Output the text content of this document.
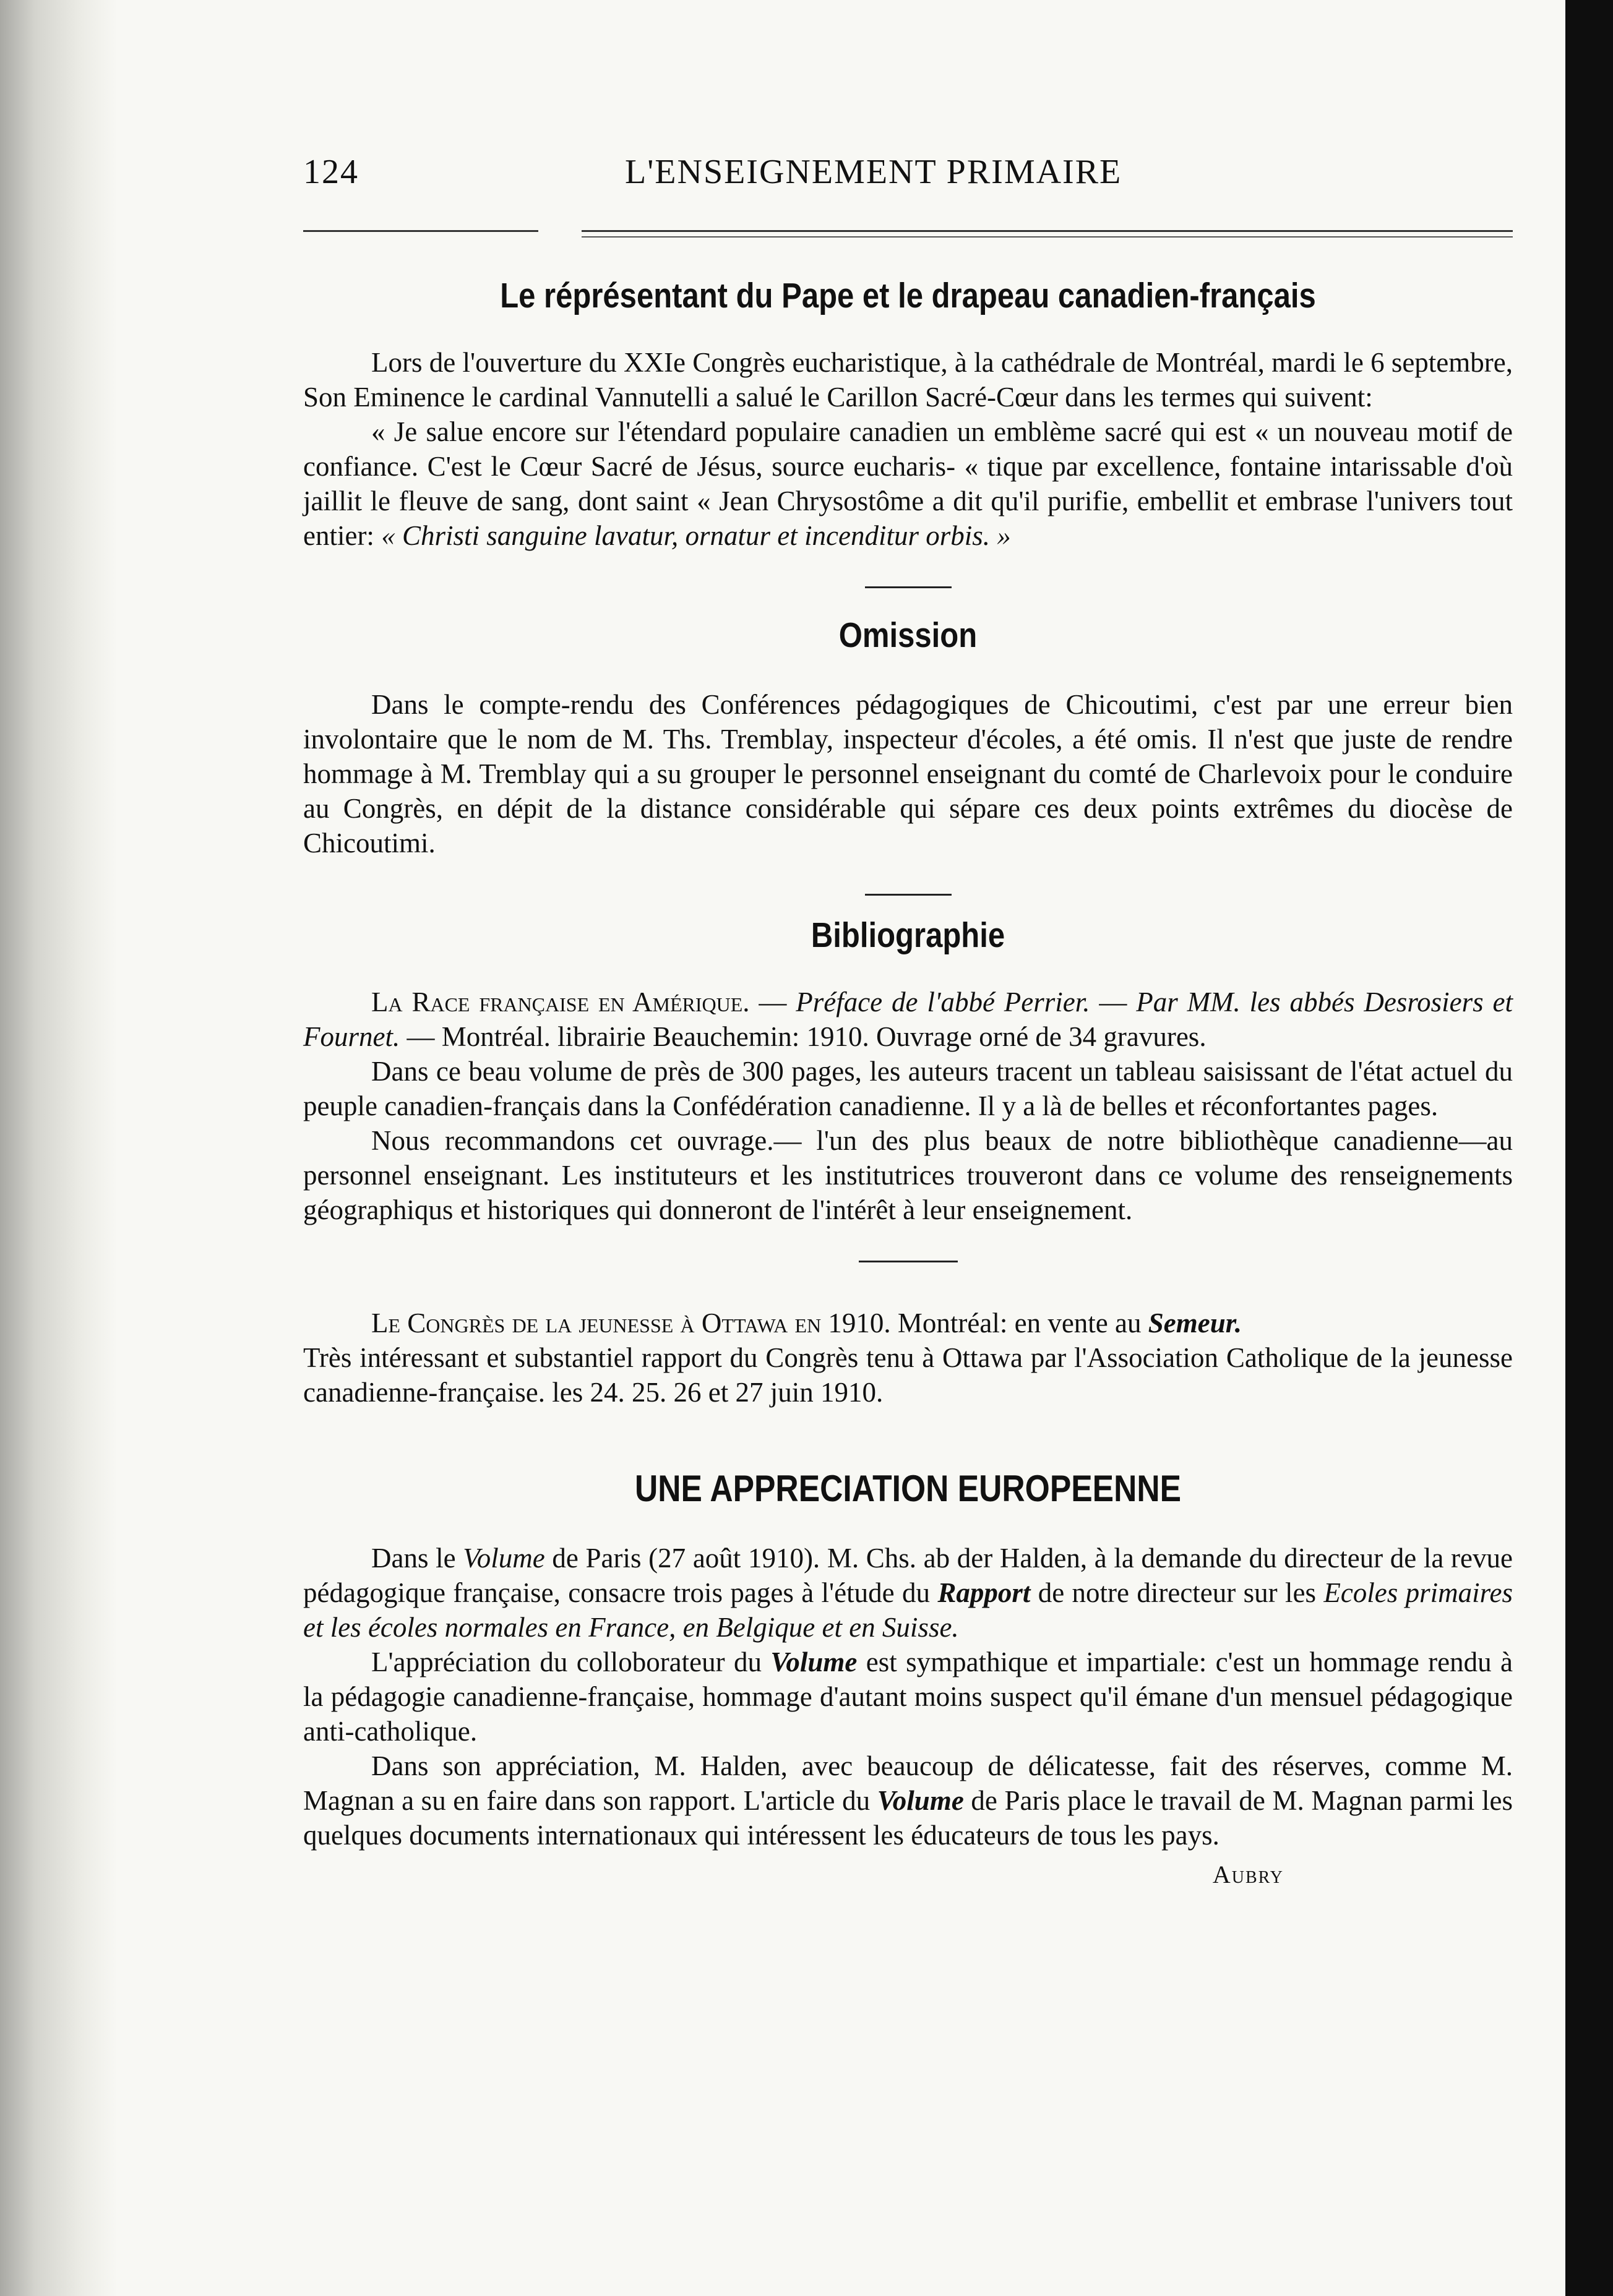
124	L'ENSEIGNEMENT PRIMAIRE
Le réprésentant du Pape et le drapeau canadien-français

Lors de l'ouverture du XXIe Congrès eucharistique, à la cathédrale de Montréal, mardi le 6 septembre, Son Eminence le cardinal Vannutelli a salué le Carillon Sacré-Cœur dans les termes qui suivent:

« Je salue encore sur l'étendard populaire canadien un emblème sacré qui est « un nouveau motif de confiance. C'est le Cœur Sacré de Jésus, source eucharis- « tique par excellence, fontaine intarissable d'où jaillit le fleuve de sang, dont saint « Jean Chrysostôme a dit qu'il purifie, embellit et embrase l'univers tout entier: « Christi sanguine lavatur, ornatur et incenditur orbis. »

Omission

Dans le compte-rendu des Conférences pédagogiques de Chicoutimi, c'est par une erreur bien involontaire que le nom de M. Ths. Tremblay, inspecteur d'écoles, a été omis. Il n'est que juste de rendre hommage à M. Tremblay qui a su grouper le personnel enseignant du comté de Charlevoix pour le conduire au Congrès, en dépit de la distance considérable qui sépare ces deux points extrêmes du diocèse de Chicoutimi.

Bibliographie

La Race française en Amérique. — Préface de l'abbé Perrier. — Par MM. les abbés Desrosiers et Fournet. — Montréal. librairie Beauchemin: 1910. Ouvrage orné de 34 gravures.

Dans ce beau volume de près de 300 pages, les auteurs tracent un tableau saisissant de l'état actuel du peuple canadien-français dans la Confédération canadienne. Il y a là de belles et réconfortantes pages.

Nous recommandons cet ouvrage.— l'un des plus beaux de notre bibliothèque canadienne—au personnel enseignant. Les instituteurs et les institutrices trouveront dans ce volume des renseignements géographiqus et historiques qui donneront de l'intérêt à leur enseignement.

Le Congrès de la jeunesse à Ottawa en 1910. Montréal: en vente au Semeur.

Très intéressant et substantiel rapport du Congrès tenu à Ottawa par l'Association Catholique de la jeunesse canadienne-française. les 24. 25. 26 et 27 juin 1910.

UNE APPRECIATION EUROPEENNE

Dans le Volume de Paris (27 août 1910). M. Chs. ab der Halden, à la demande du directeur de la revue pédagogique française, consacre trois pages à l'étude du Rapport de notre directeur sur les Ecoles primaires et les écoles normales en France, en Belgique et en Suisse.

L'appréciation du colloborateur du Volume est sympathique et impartiale: c'est un hommage rendu à la pédagogie canadienne-française, hommage d'autant moins suspect qu'il émane d'un mensuel pédagogique anti-catholique.

Dans son appréciation, M. Halden, avec beaucoup de délicatesse, fait des réserves, comme M. Magnan a su en faire dans son rapport. L'article du Volume de Paris place le travail de M. Magnan parmi les quelques documents internationaux qui intéressent les éducateurs de tous les pays.

Aubry
